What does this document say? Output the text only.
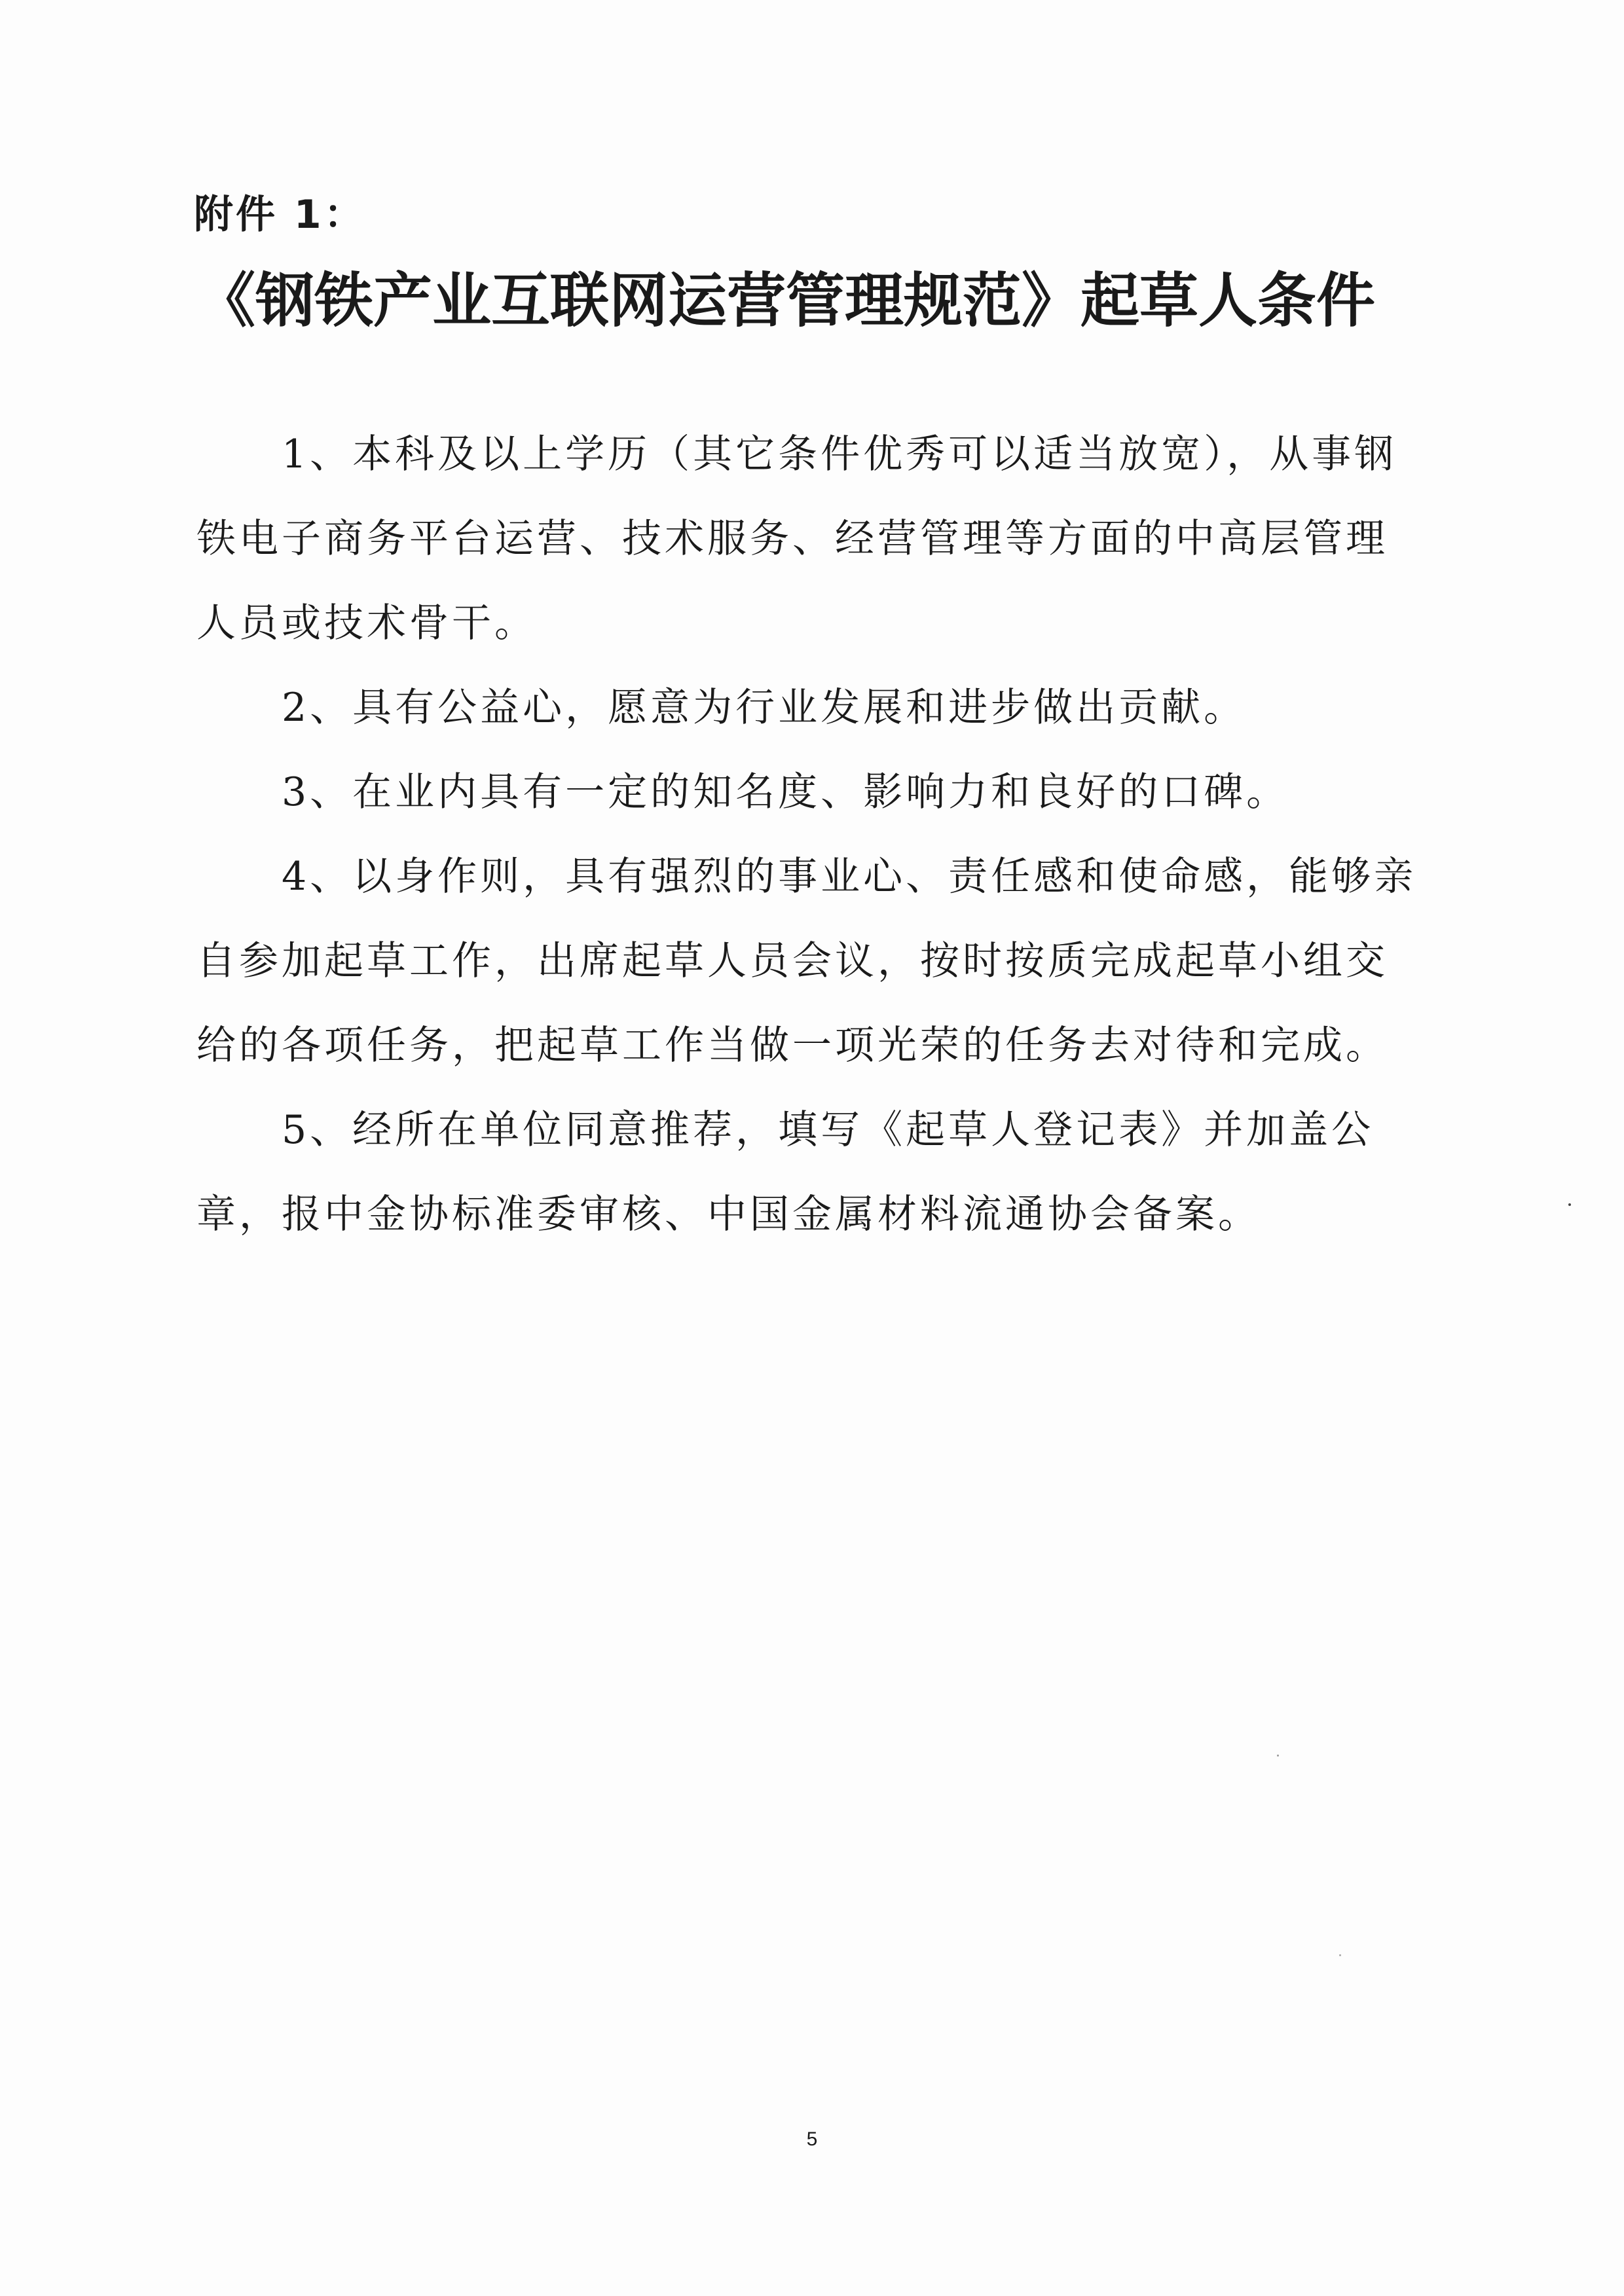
附件 1：
《钢铁产业互联网运营管理规范》起草人条件

1、本科及以上学历（其它条件优秀可以适当放宽），从事钢铁电子商务平台运营、技术服务、经营管理等方面的中高层管理人员或技术骨干。

2、具有公益心，愿意为行业发展和进步做出贡献。

3、在业内具有一定的知名度、影响力和良好的口碑。

4、以身作则，具有强烈的事业心、责任感和使命感，能够亲自参加起草工作，出席起草人员会议，按时按质完成起草小组交给的各项任务，把起草工作当做一项光荣的任务去对待和完成。

5、经所在单位同意推荐，填写《起草人登记表》并加盖公章，报中金协标准委审核、中国金属材料流通协会备案。

5
